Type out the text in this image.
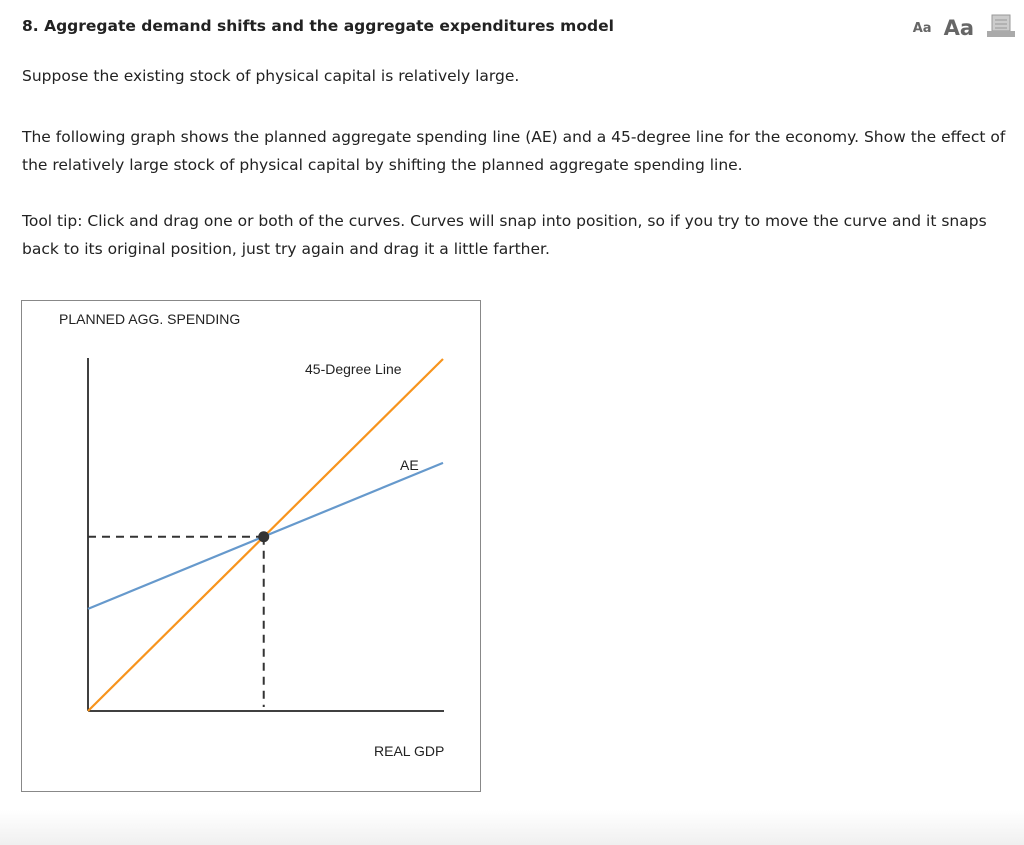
8. Aggregate demand shifts and the aggregate expenditures model	Aa Aa
Suppose the existing stock of physical capital is relatively large.
The following graph shows the planned aggregate spending line (AE) and a 45-degree line for the economy. Show the effect of the relatively large stock of physical capital by shifting the planned aggregate spending line.
Tool tip: Click and drag one or both of the curves. Curves will snap into position, so if you try to move the curve and it snaps back to its original position, just try again and drag it a little farther.
PLANNED AGG. SPENDING
REAL GDP
45-Degree Line
AE
